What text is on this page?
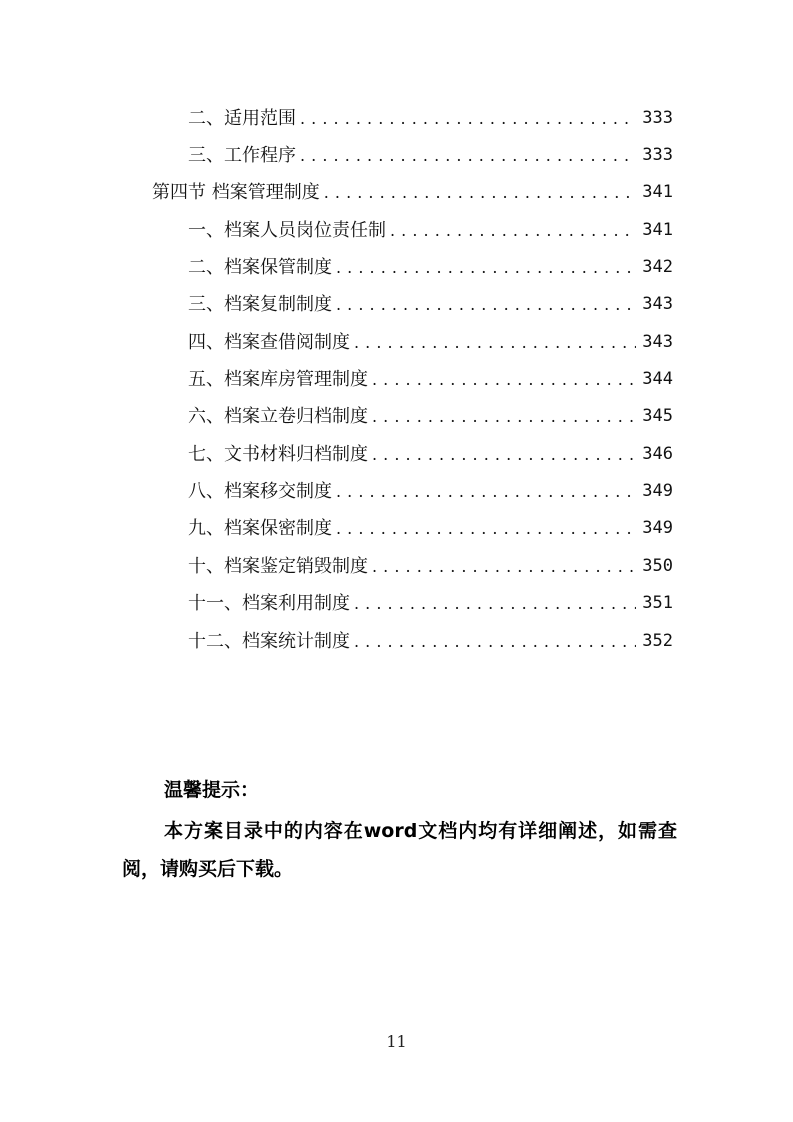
二、适用范围 . . .	333
三、工作程序 . . .	333
第四节 档案管理制度 . . .	341
一、档案人员岗位责任制 . . .	341
二、档案保管制度 . . .	342
三、档案复制制度 . . .	343
四、档案查借阅制度 . . .	343
五、档案库房管理制度 . . .	344
六、档案立卷归档制度 . . .	345
七、文书材料归档制度 . . .	346
八、档案移交制度 . . .	349
九、档案保密制度 . . .	349
十、档案鉴定销毁制度 . . .	350
十一、档案利用制度 . . .	351
十二、档案统计制度 . . .	352
温馨提示：
本方案目录中的内容在word文档内均有详细阐述，如需查阅，请购买后下载。
11
